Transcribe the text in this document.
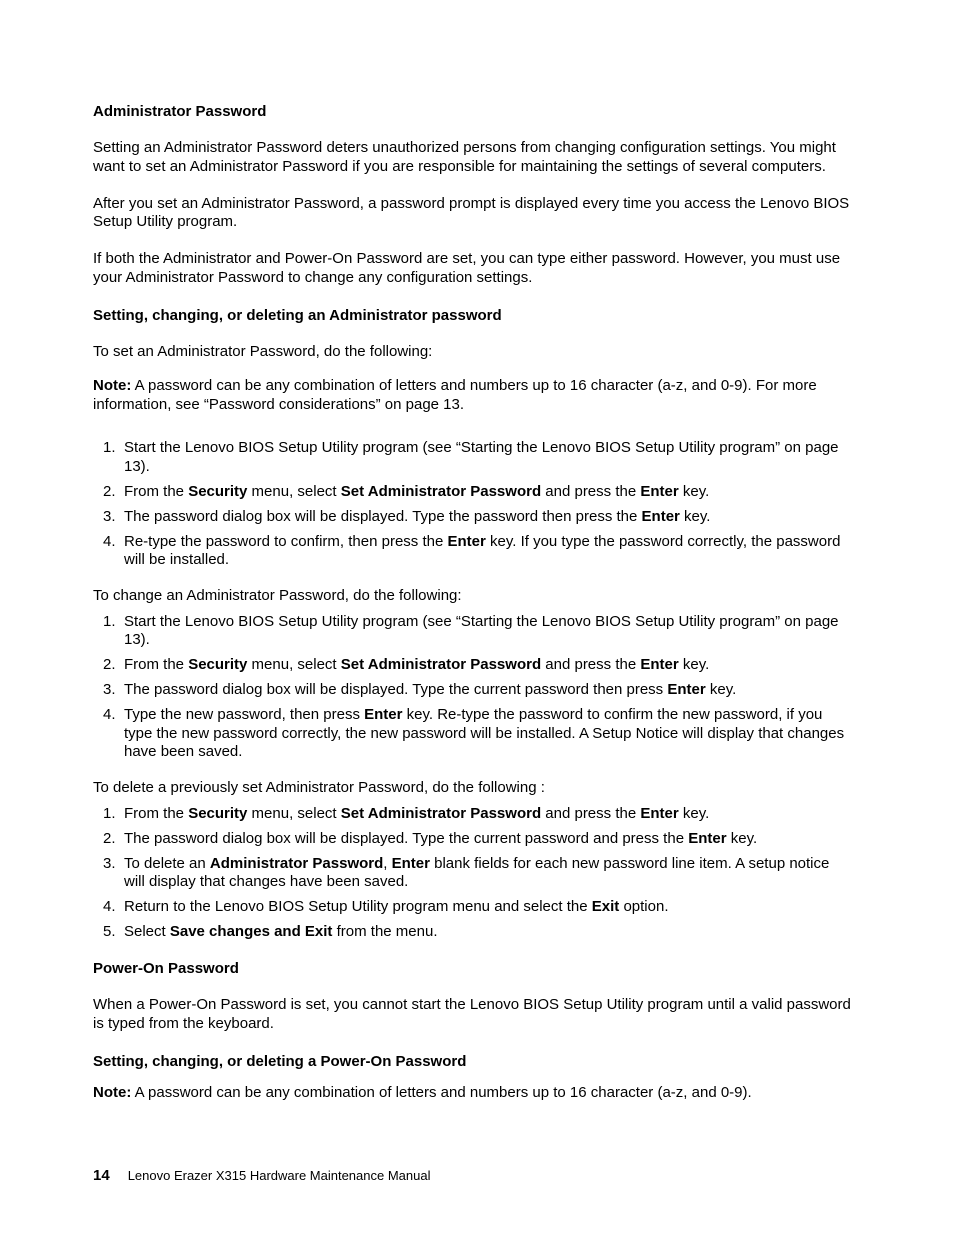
Administrator Password

Setting an Administrator Password deters unauthorized persons from changing configuration settings. You might want to set an Administrator Password if you are responsible for maintaining the settings of several computers.

After you set an Administrator Password, a password prompt is displayed every time you access the Lenovo BIOS Setup Utility program.

If both the Administrator and Power-On Password are set, you can type either password. However, you must use your Administrator Password to change any configuration settings.

Setting, changing, or deleting an Administrator password

To set an Administrator Password, do the following:

Note: A password can be any combination of letters and numbers up to 16 character (a-z, and 0-9). For more information, see “Password considerations” on page 13.

1. Start the Lenovo BIOS Setup Utility program (see “Starting the Lenovo BIOS Setup Utility program” on page 13).
2. From the Security menu, select Set Administrator Password and press the Enter key.
3. The password dialog box will be displayed. Type the password then press the Enter key.
4. Re-type the password to confirm, then press the Enter key. If you type the password correctly, the password will be installed.

To change an Administrator Password, do the following:

1. Start the Lenovo BIOS Setup Utility program (see “Starting the Lenovo BIOS Setup Utility program” on page 13).
2. From the Security menu, select Set Administrator Password and press the Enter key.
3. The password dialog box will be displayed. Type the current password then press Enter key.
4. Type the new password, then press Enter key. Re-type the password to confirm the new password, if you type the new password correctly, the new password will be installed. A Setup Notice will display that changes have been saved.

To delete a previously set Administrator Password, do the following :

1. From the Security menu, select Set Administrator Password and press the Enter key.
2. The password dialog box will be displayed. Type the current password and press the Enter key.
3. To delete an Administrator Password, Enter blank fields for each new password line item. A setup notice will display that changes have been saved.
4. Return to the Lenovo BIOS Setup Utility program menu and select the Exit option.
5. Select Save changes and Exit from the menu.
Power-On Password

When a Power-On Password is set, you cannot start the Lenovo BIOS Setup Utility program until a valid password is typed from the keyboard.

Setting, changing, or deleting a Power-On Password

Note: A password can be any combination of letters and numbers up to 16 character (a-z, and 0-9).

14 Lenovo Erazer X315 Hardware Maintenance Manual
